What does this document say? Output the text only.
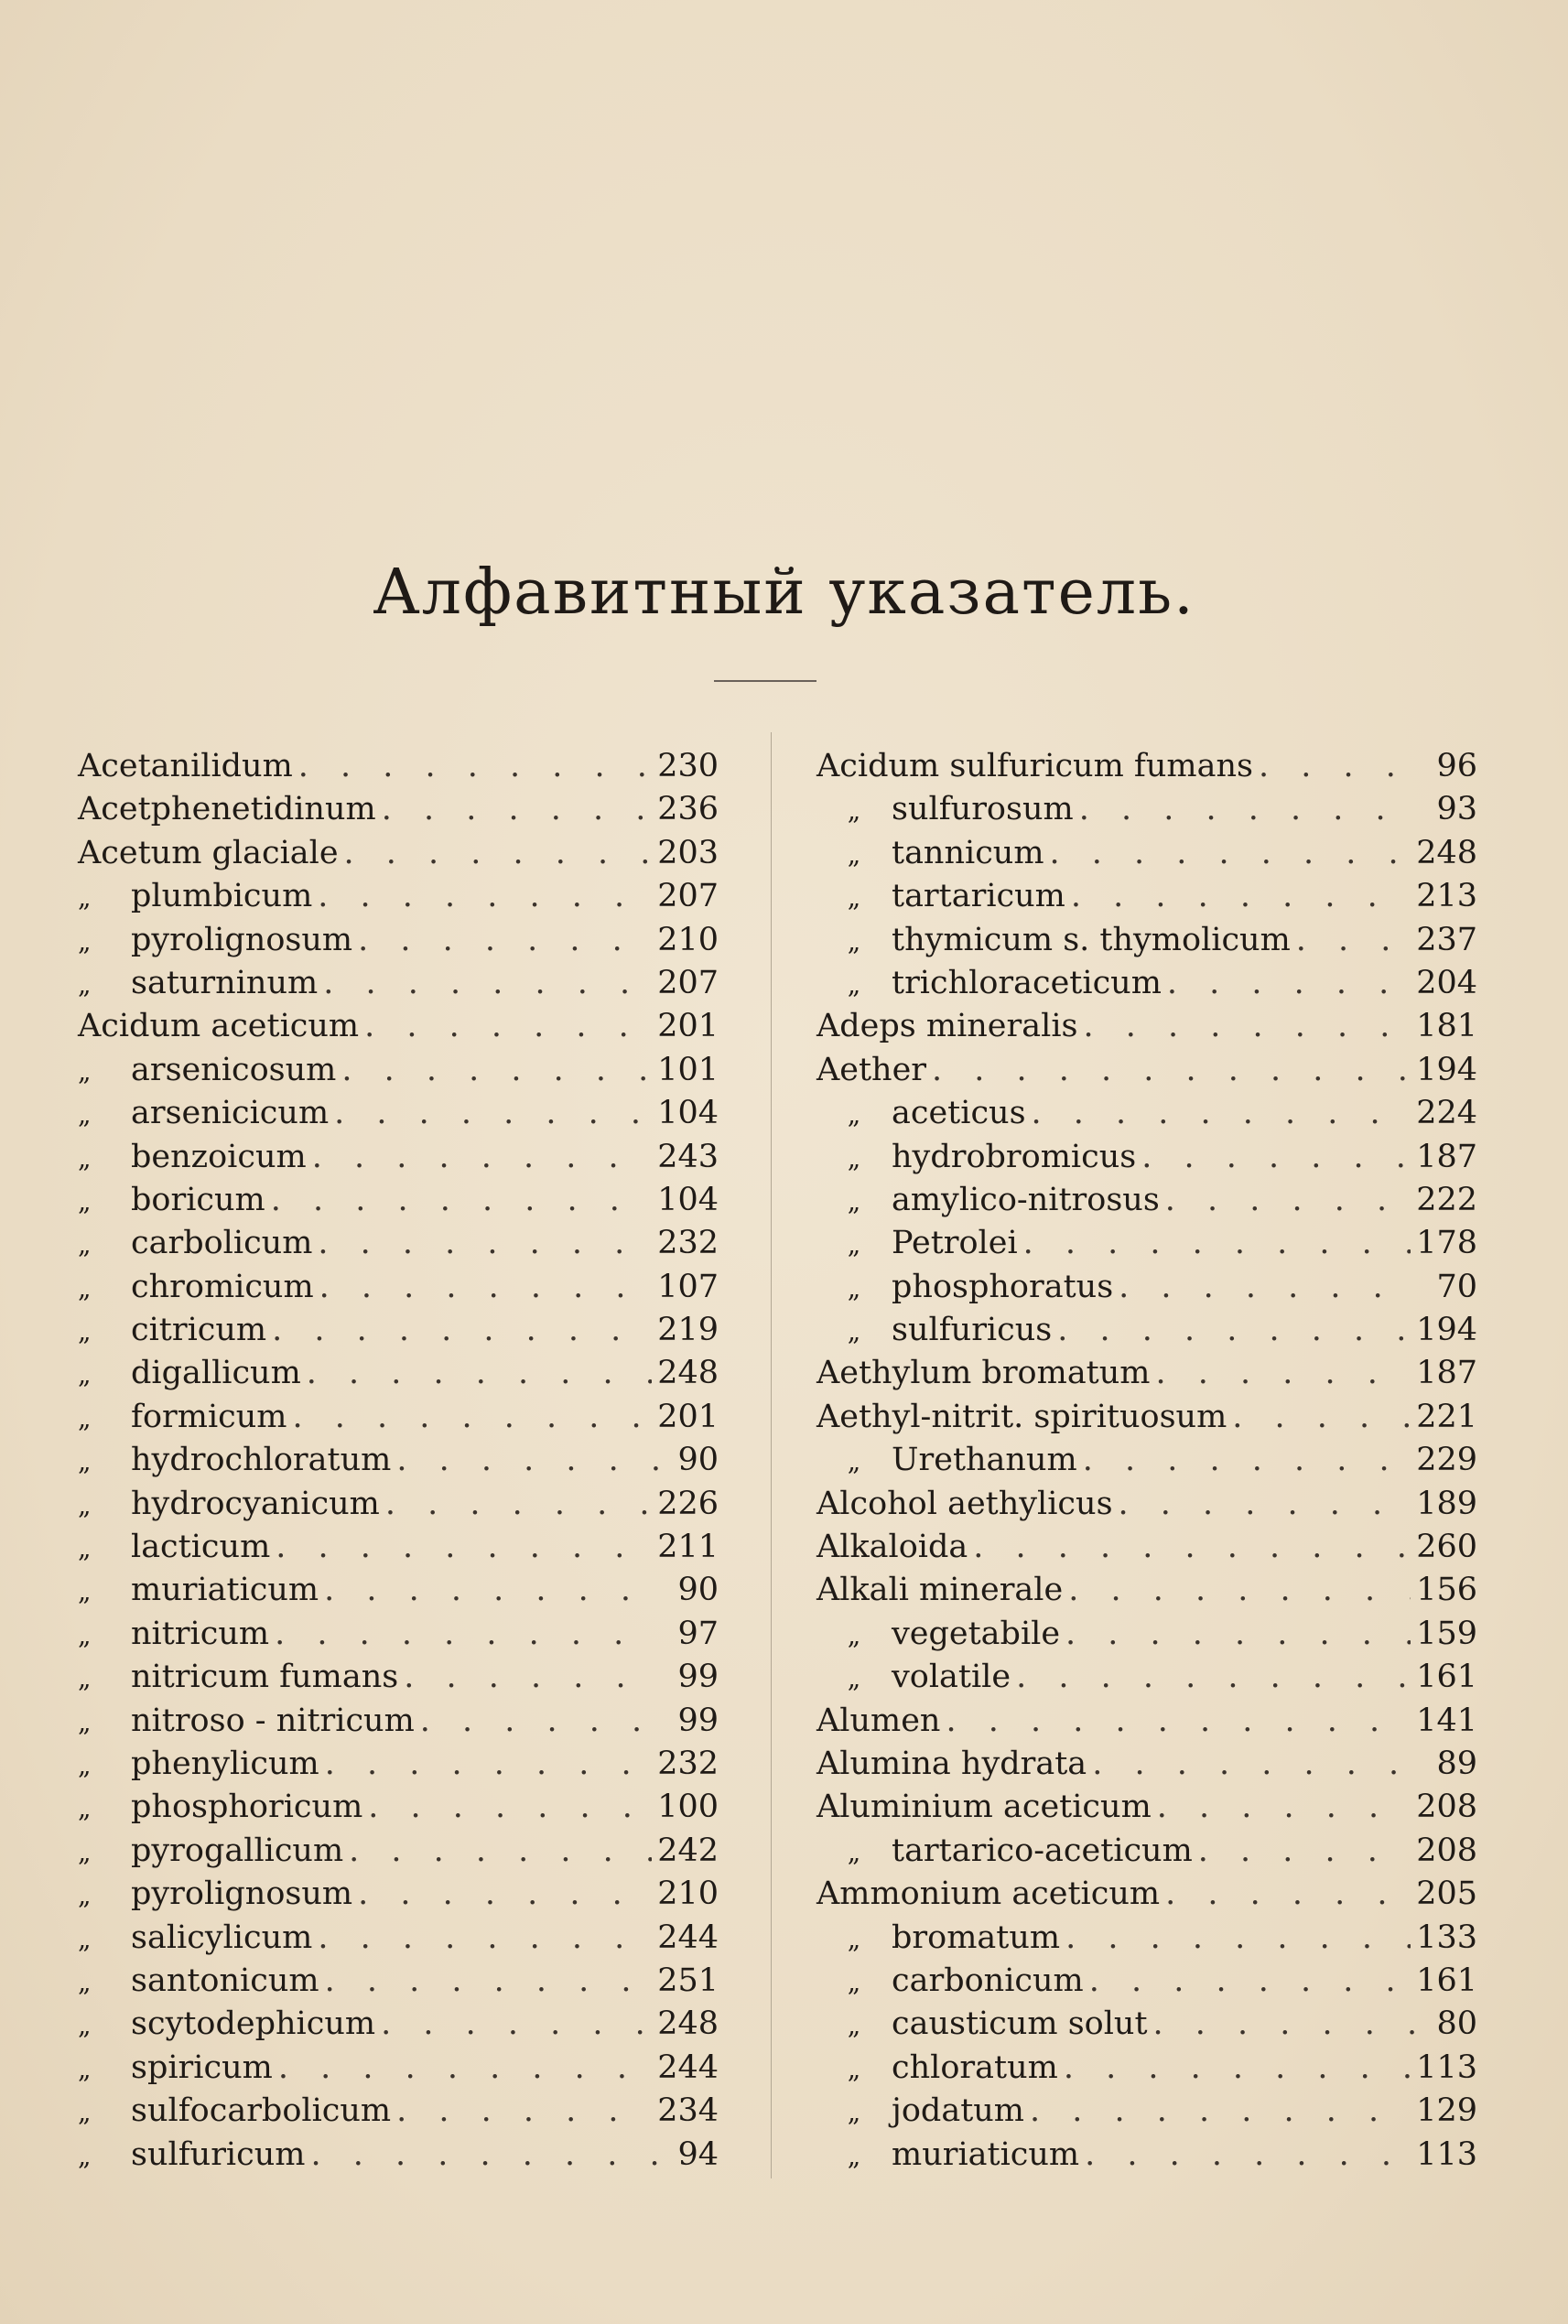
Алфавитный указатель.
Acetanilidum . . .	230
Acetphenetidinum . . .	236
Acetum glaciale . . .	203
„ plumbicum . . .	207
„ pyrolignosum . . .	210
„ saturninum . . .	207
Acidum aceticum . . .	201
„ arsenicosum . . .	101
„ arsenicicum . . .	104
„ benzoicum . . .	243
„ boricum . . .	104
„ carbolicum . . .	232
„ chromicum . . .	107
„ citricum . . .	219
„ digallicum . . .	248
„ formicum . . .	201
„ hydrochloratum . . .	90
„ hydrocyanicum . . .	226
„ lacticum . . .	211
„ muriaticum . . .	90
„ nitricum . . .	97
„ nitricum fumans . . .	99
„ nitroso - nitricum . . .	99
„ phenylicum . . .	232
„ phosphoricum . . .	100
„ pyrogallicum . . .	242
„ pyrolignosum . . .	210
„ salicylicum . . .	244
„ santonicum . . .	251
„ scytodephicum . . .	248
„ spiricum . . .	244
„ sulfocarbolicum . . .	234
„ sulfuricum . . .	94
Acidum sulfuricum fumans . . .	96
„ sulfurosum . . .	93
„ tannicum . . .	248
„ tartaricum . . .	213
„ thymicum s. thymolicum . . .	237
„ trichloraceticum . . .	204
Adeps mineralis . . .	181
Aether . . .	194
„ aceticus . . .	224
„ hydrobromicus . . .	187
„ amylico-nitrosus . . .	222
„ Petrolei . . .	178
„ phosphoratus . . .	70
„ sulfuricus . . .	194
Aethylum bromatum . . .	187
Aethyl-nitrit. spirituosum . . .	221
„ Urethanum . . .	229
Alcohol aethylicus . . .	189
Alkaloida . . .	260
Alkali minerale . . .	156
„ vegetabile . . .	159
„ volatile . . .	161
Alumen . . .	141
Alumina hydrata . . .	89
Aluminium aceticum . . .	208
„ tartarico-aceticum . . .	208
Ammonium aceticum . . .	205
„ bromatum . . .	133
„ carbonicum . . .	161
„ causticum solut . . .	80
„ chloratum . . .	113
„ jodatum . . .	129
„ muriaticum . . .	113
